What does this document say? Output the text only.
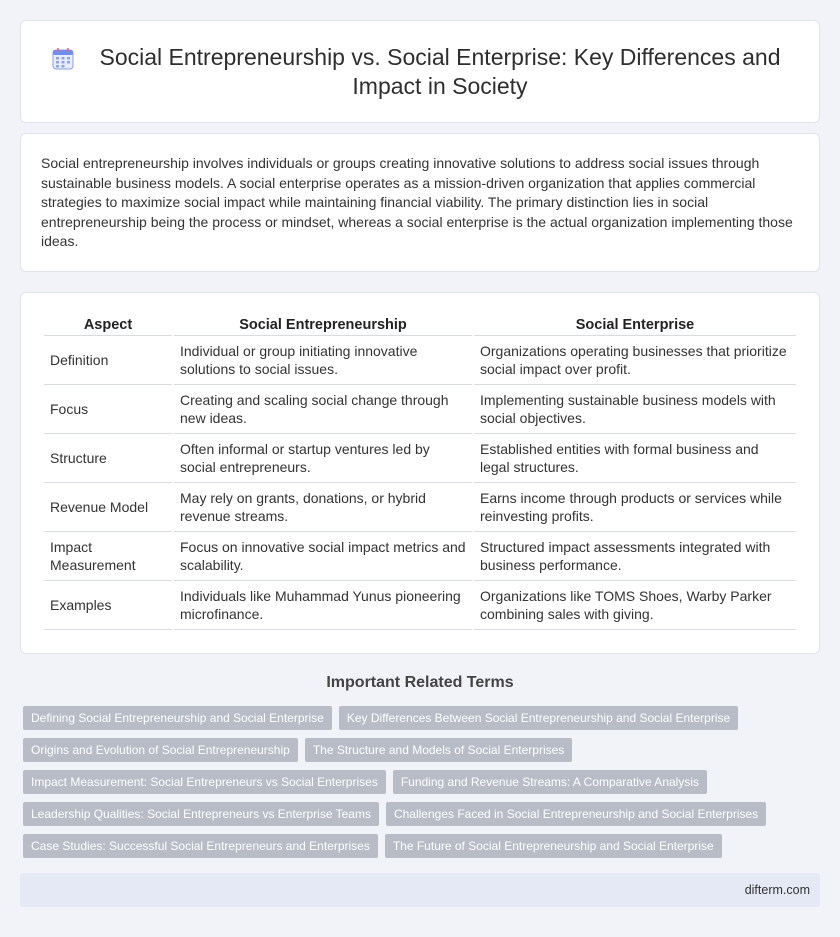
Social Entrepreneurship vs. Social Enterprise: Key Differences and Impact in Society

Social entrepreneurship involves individuals or groups creating innovative solutions to address social issues through sustainable business models. A social enterprise operates as a mission-driven organization that applies commercial strategies to maximize social impact while maintaining financial viability. The primary distinction lies in social entrepreneurship being the process or mindset, whereas a social enterprise is the actual organization implementing those ideas.

Aspect	Social Entrepreneurship	Social Enterprise
Definition	Individual or group initiating innovative solutions to social issues.	Organizations operating businesses that prioritize social impact over profit.
Focus	Creating and scaling social change through new ideas.	Implementing sustainable business models with social objectives.
Structure	Often informal or startup ventures led by social entrepreneurs.	Established entities with formal business and legal structures.
Revenue Model	May rely on grants, donations, or hybrid revenue streams.	Earns income through products or services while reinvesting profits.
Impact Measurement	Focus on innovative social impact metrics and scalability.	Structured impact assessments integrated with business performance.
Examples	Individuals like Muhammad Yunus pioneering microfinance.	Organizations like TOMS Shoes, Warby Parker combining sales with giving.
Important Related Terms
Defining Social Entrepreneurship and Social Enterprise	Key Differences Between Social Entrepreneurship and Social Enterprise
Origins and Evolution of Social Entrepreneurship	The Structure and Models of Social Enterprises
Impact Measurement: Social Entrepreneurs vs Social Enterprises	Funding and Revenue Streams: A Comparative Analysis
Leadership Qualities: Social Entrepreneurs vs Enterprise Teams	Challenges Faced in Social Entrepreneurship and Social Enterprises
Case Studies: Successful Social Entrepreneurs and Enterprises	The Future of Social Entrepreneurship and Social Enterprise
difterm.com
